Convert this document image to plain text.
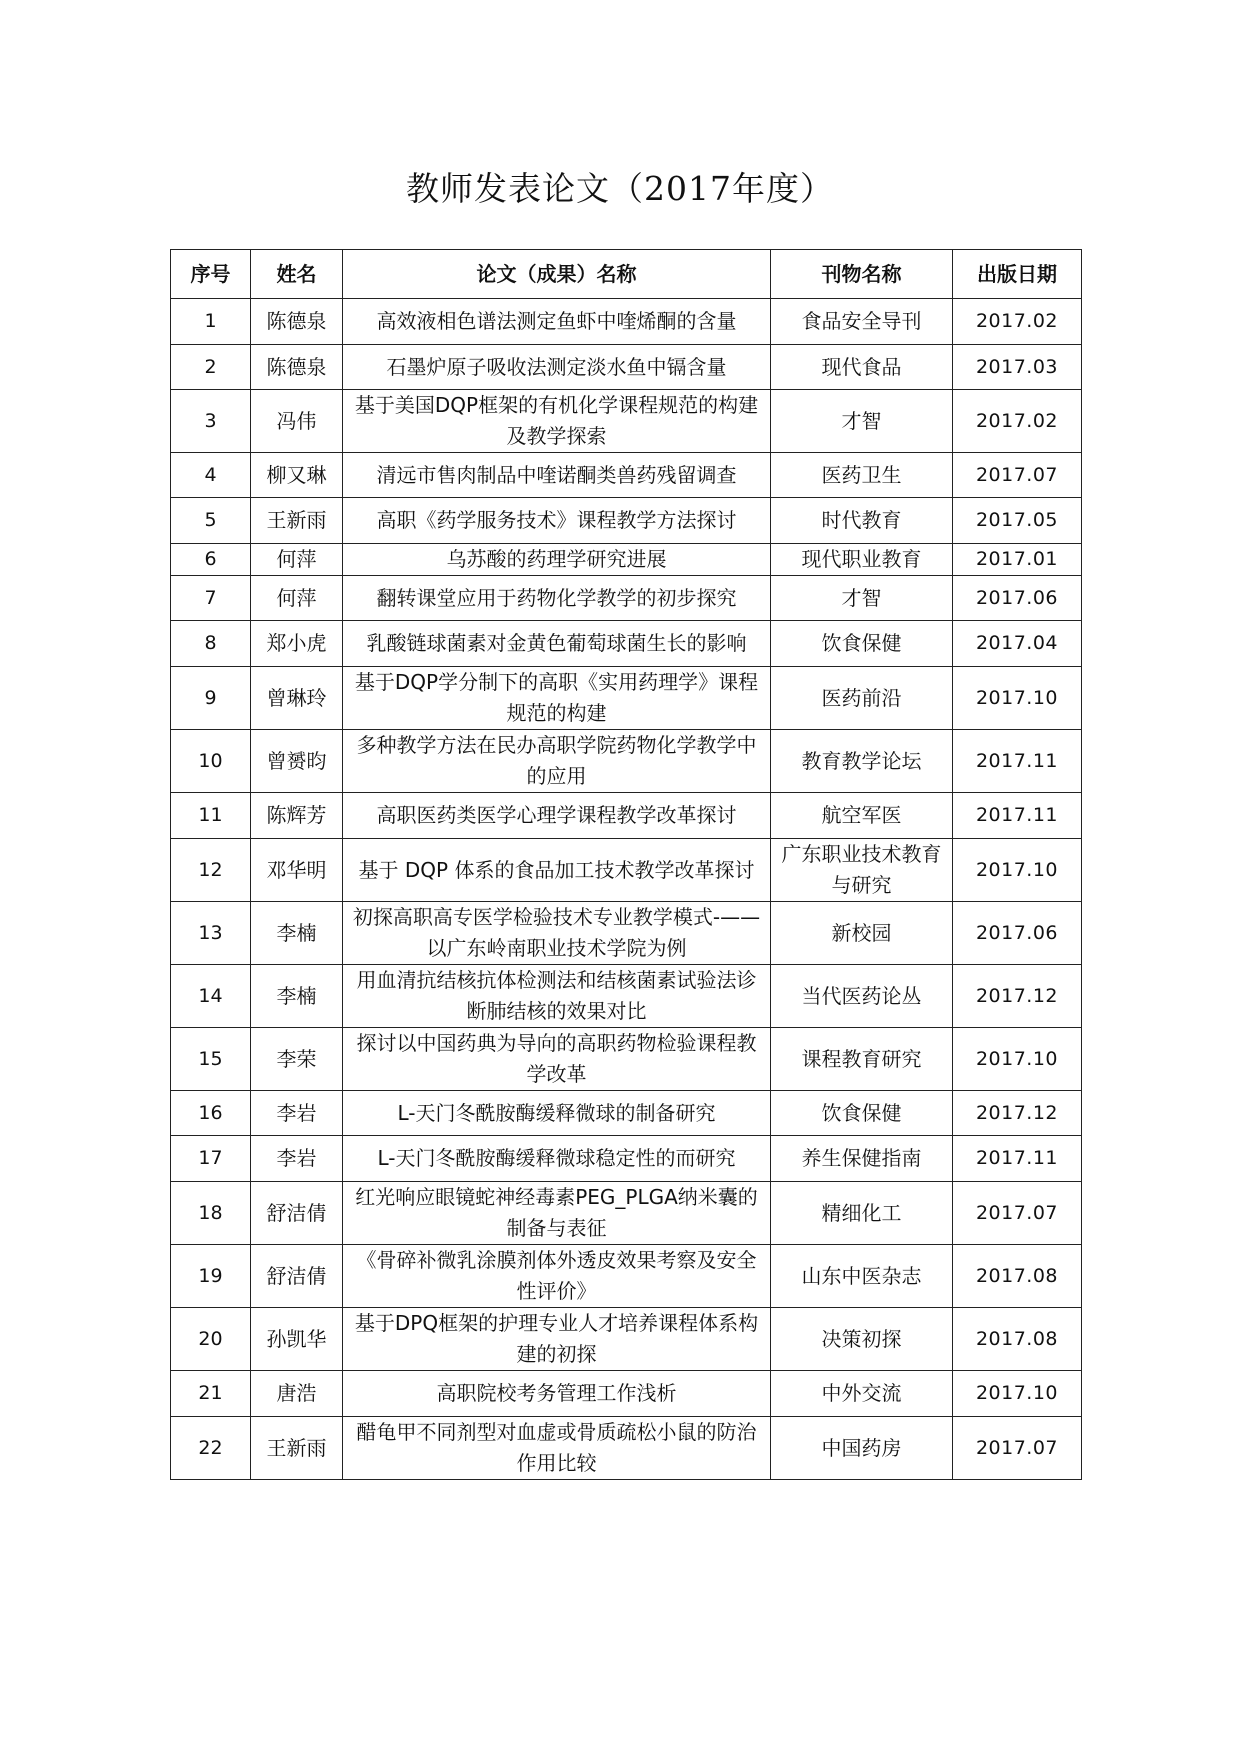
教师发表论文（2017年度）
序号	姓名	论文（成果）名称	刊物名称	出版日期
1	陈德泉	高效液相色谱法测定鱼虾中喹烯酮的含量	食品安全导刊	2017.02
2	陈德泉	石墨炉原子吸收法测定淡水鱼中镉含量	现代食品	2017.03
3	冯伟	基于美国DQP框架的有机化学课程规范的构建及教学探索	才智	2017.02
4	柳又琳	清远市售肉制品中喹诺酮类兽药残留调查	医药卫生	2017.07
5	王新雨	高职《药学服务技术》课程教学方法探讨	时代教育	2017.05
6	何萍	乌苏酸的药理学研究进展	现代职业教育	2017.01
7	何萍	翻转课堂应用于药物化学教学的初步探究	才智	2017.06
8	郑小虎	乳酸链球菌素对金黄色葡萄球菌生长的影响	饮食保健	2017.04
9	曾琳玲	基于DQP学分制下的高职《实用药理学》课程规范的构建	医药前沿	2017.10
10	曾赟昀	多种教学方法在民办高职学院药物化学教学中的应用	教育教学论坛	2017.11
11	陈辉芳	高职医药类医学心理学课程教学改革探讨	航空军医	2017.11
12	邓华明	基于 DQP 体系的食品加工技术教学改革探讨	广东职业技术教育与研究	2017.10
13	李楠	初探高职高专医学检验技术专业教学模式-——以广东岭南职业技术学院为例	新校园	2017.06
14	李楠	用血清抗结核抗体检测法和结核菌素试验法诊断肺结核的效果对比	当代医药论丛	2017.12
15	李荣	探讨以中国药典为导向的高职药物检验课程教学改革	课程教育研究	2017.10
16	李岩	L-天门冬酰胺酶缓释微球的制备研究	饮食保健	2017.12
17	李岩	L-天门冬酰胺酶缓释微球稳定性的而研究	养生保健指南	2017.11
18	舒洁倩	红光响应眼镜蛇神经毒素PEG_PLGA纳米囊的制备与表征	精细化工	2017.07
19	舒洁倩	《骨碎补微乳涂膜剂体外透皮效果考察及安全性评价》	山东中医杂志	2017.08
20	孙凯华	基于DPQ框架的护理专业人才培养课程体系构建的初探	决策初探	2017.08
21	唐浩	高职院校考务管理工作浅析	中外交流	2017.10
22	王新雨	醋龟甲不同剂型对血虚或骨质疏松小鼠的防治作用比较	中国药房	2017.07
